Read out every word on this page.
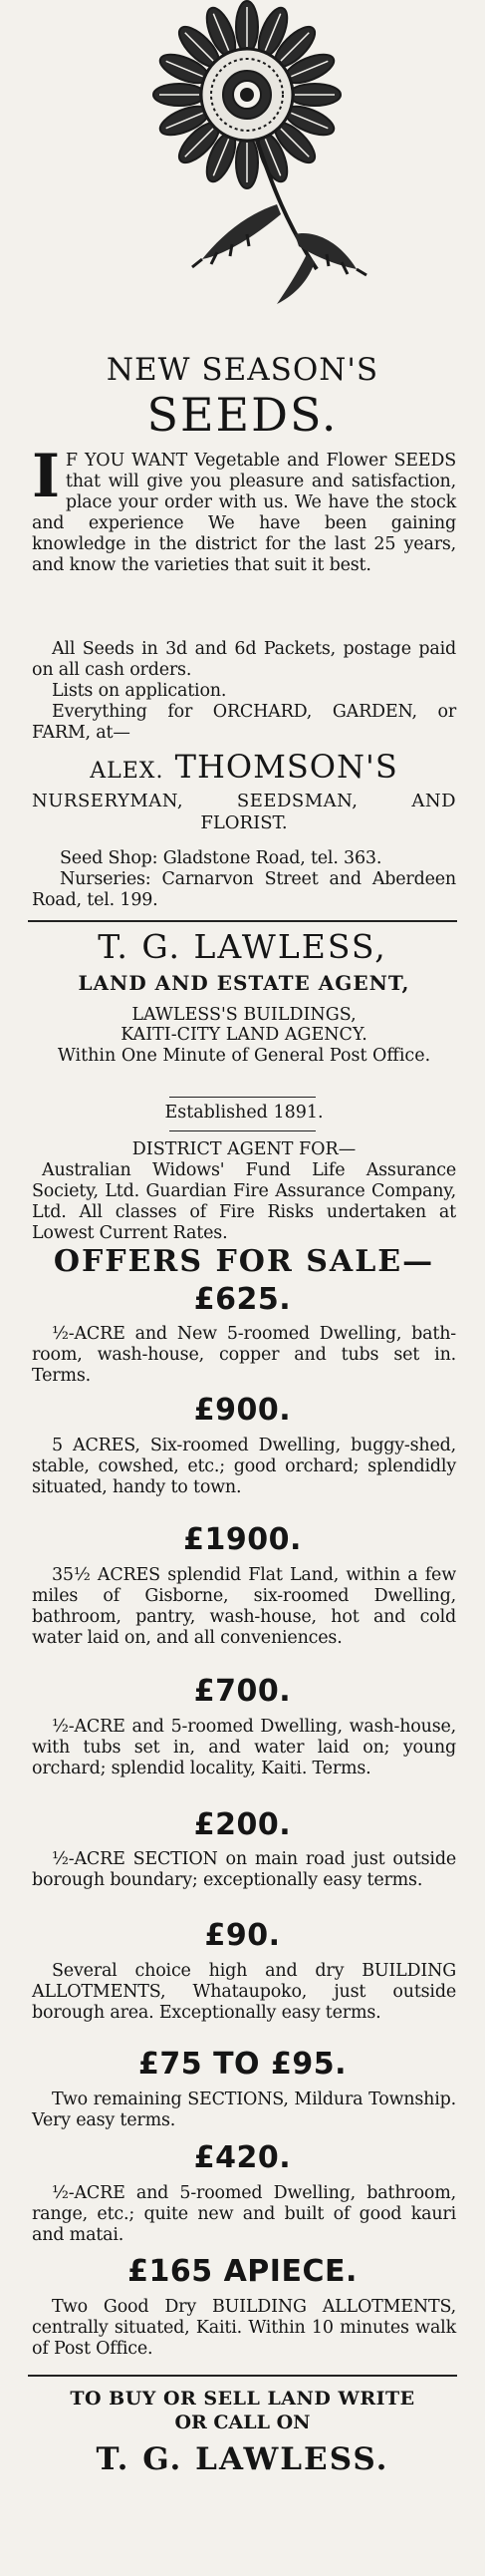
NEW SEASON'S
SEEDS.
I F YOU WANT Vegetable and Flower SEEDS that will give you pleasure and satisfaction, place your order with us. We have the stock and experience We have been gaining knowledge in the district for the last 25 years, and know the varieties that suit it best.
All Seeds in 3d and 6d Packets, postage paid on all cash orders.
Lists on application.
Everything for ORCHARD, GARDEN, or FARM, at—
ALEX. THOMSON'S
NURSERYMAN, SEEDSMAN, AND
FLORIST.
Seed Shop: Gladstone Road, tel. 363.
Nurseries: Carnarvon Street and Aberdeen Road, tel. 199.
T. G. LAWLESS,
LAND AND ESTATE AGENT,
LAWLESS'S BUILDINGS,
KAITI-CITY LAND AGENCY.
Within One Minute of General Post Office.
Established 1891.
DISTRICT AGENT FOR—
Australian Widows' Fund Life Assurance Society, Ltd. Guardian Fire Assurance Company, Ltd. All classes of Fire Risks undertaken at Lowest Current Rates.
OFFERS FOR SALE—
£625.
½-ACRE and New 5-roomed Dwelling, bath-room, wash-house, copper and tubs set in. Terms.
£900.
5 ACRES, Six-roomed Dwelling, buggy-shed, stable, cowshed, etc.; good orchard; splendidly situated, handy to town.
£1900.
35½ ACRES splendid Flat Land, within a few miles of Gisborne, six-roomed Dwelling, bathroom, pantry, wash-house, hot and cold water laid on, and all conveniences.
£700.
½-ACRE and 5-roomed Dwelling, wash-house, with tubs set in, and water laid on; young orchard; splendid locality, Kaiti. Terms.
£200.
½-ACRE SECTION on main road just outside borough boundary; exceptionally easy terms.
£90.
Several choice high and dry BUILDING ALLOTMENTS, Whataupoko, just outside borough area. Exceptionally easy terms.
£75 TO £95.
Two remaining SECTIONS, Mildura Township. Very easy terms.
£420.
½-ACRE and 5-roomed Dwelling, bathroom, range, etc.; quite new and built of good kauri and matai.
£165 APIECE.
Two Good Dry BUILDING ALLOTMENTS, centrally situated, Kaiti. Within 10 minutes walk of Post Office.
TO BUY OR SELL LAND WRITE
OR CALL ON
T. G. LAWLESS.
